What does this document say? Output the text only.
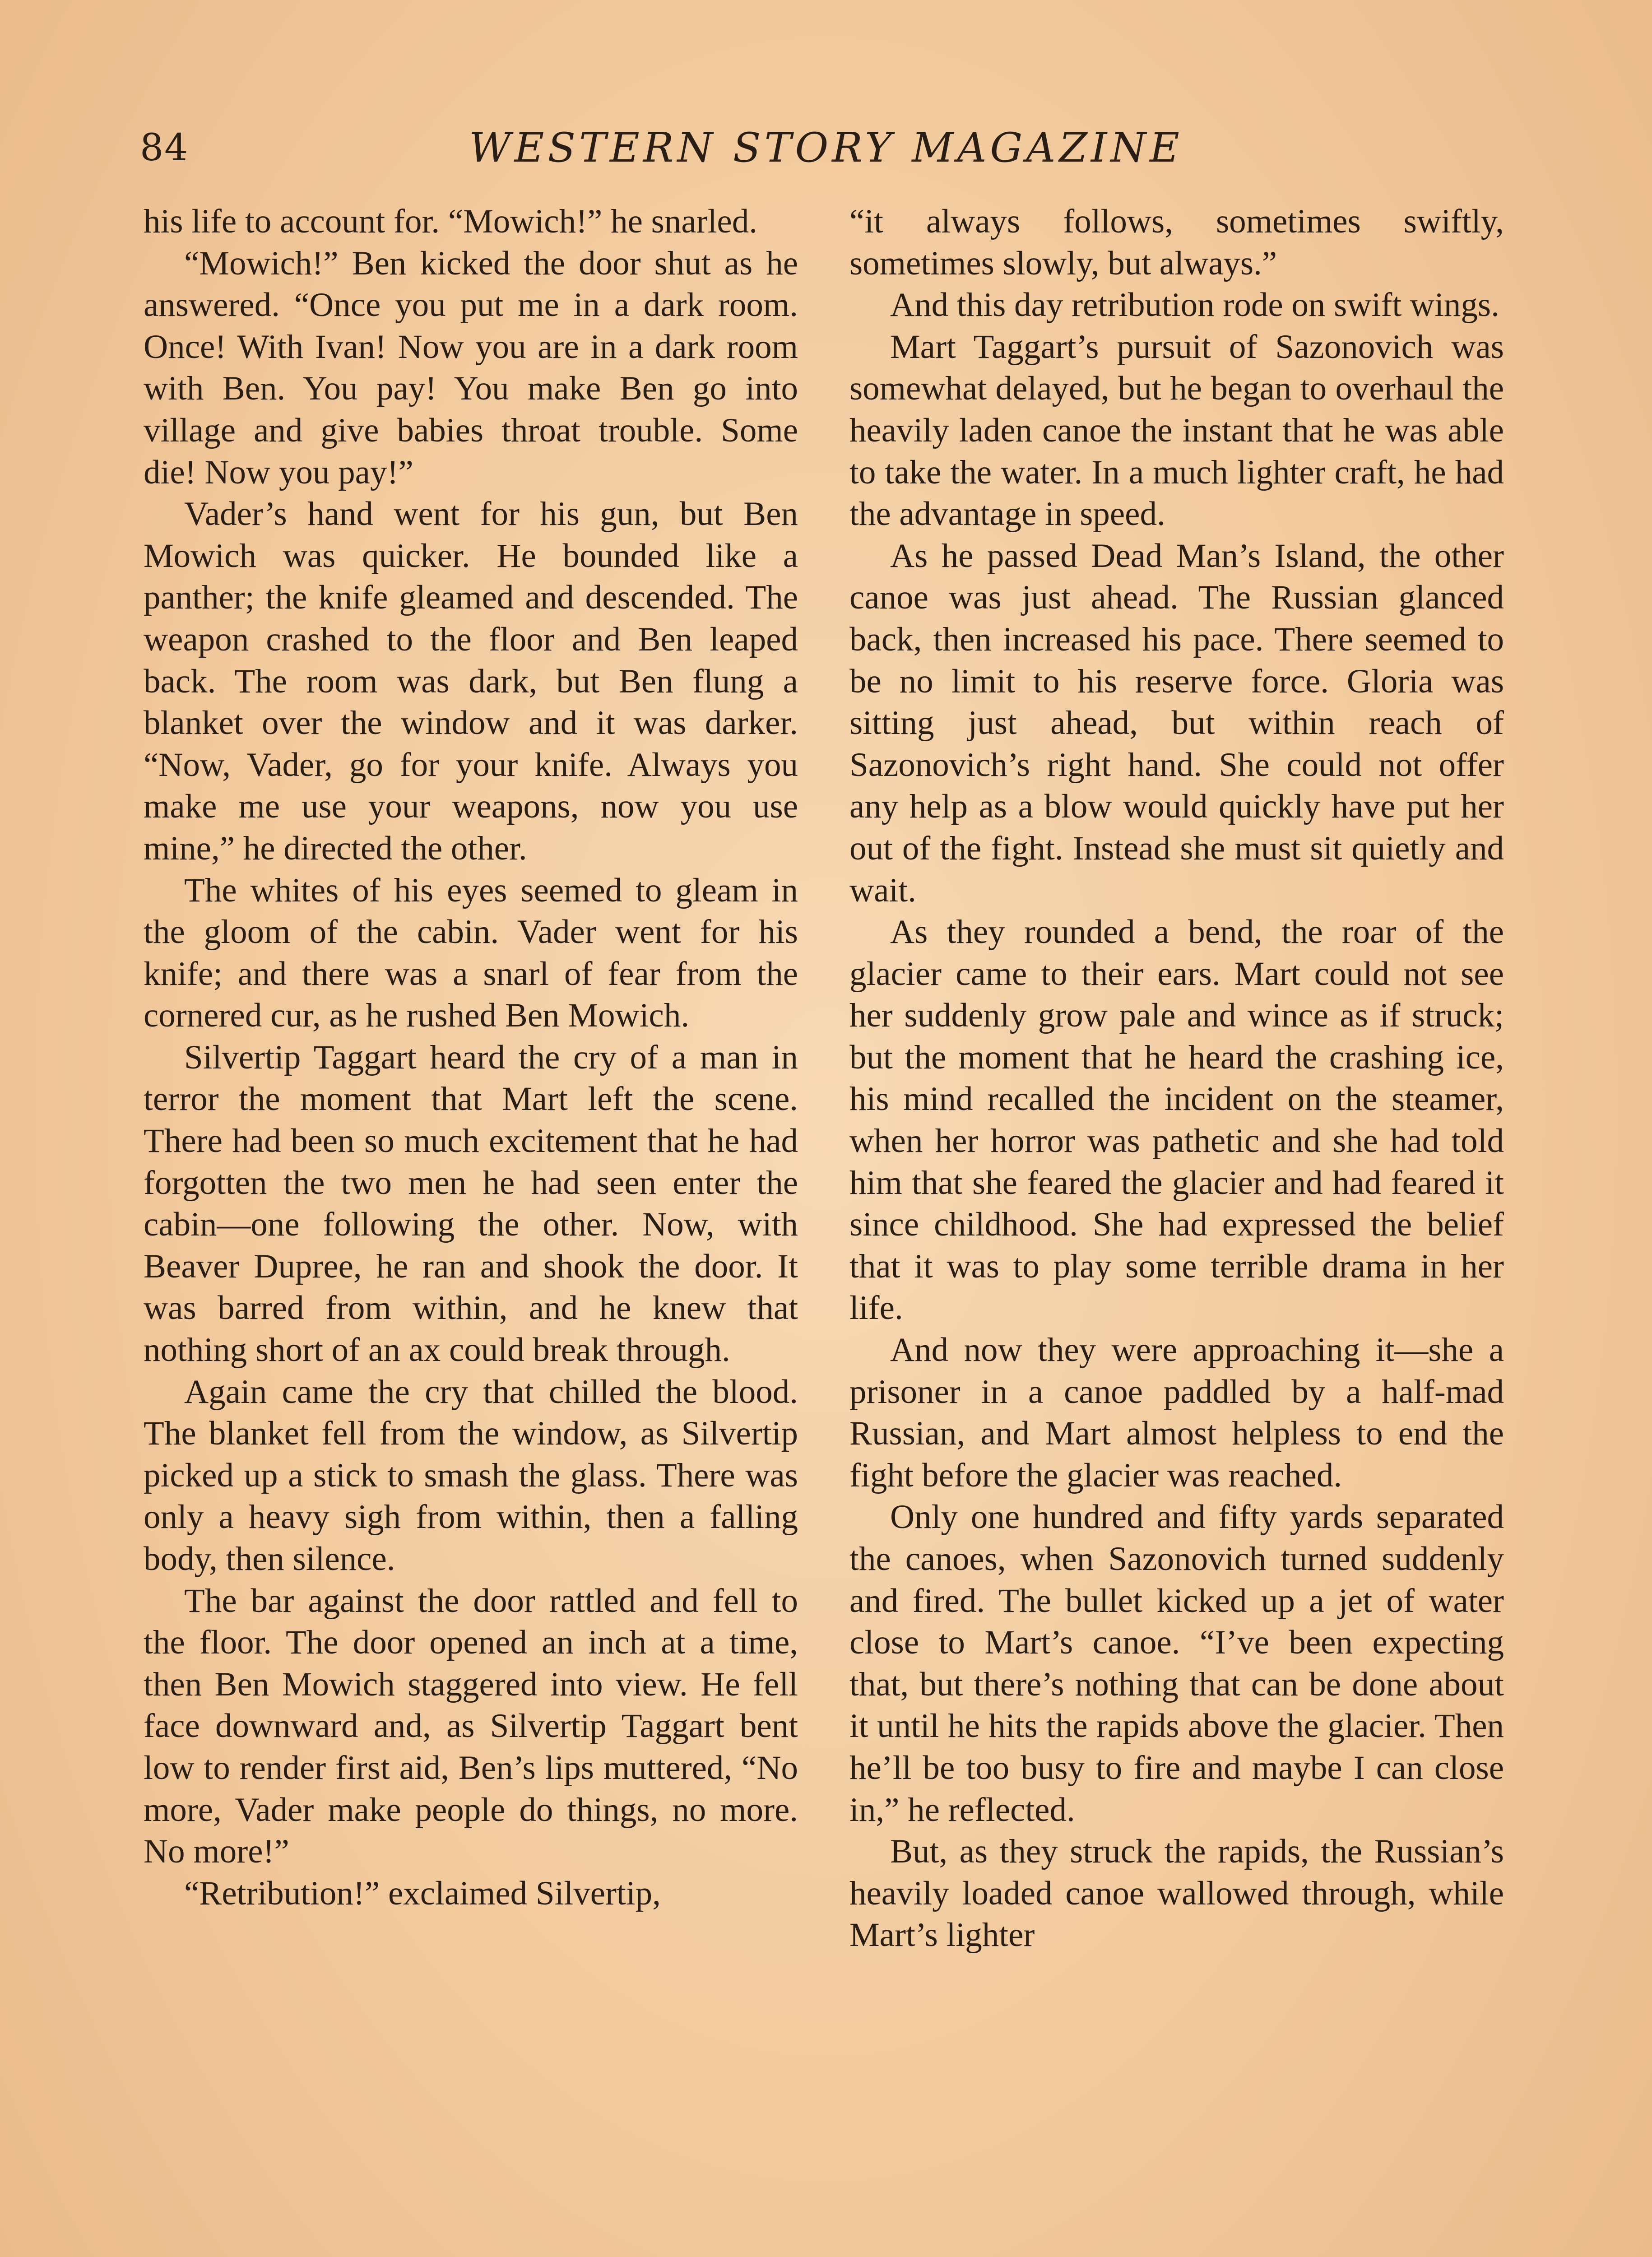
84	WESTERN STORY MAGAZINE

his life to account for. “Mowich!” he snarled.

“Mowich!” Ben kicked the door shut as he answered. “Once you put me in a dark room. Once! With Ivan! Now you are in a dark room with Ben. You pay! You make Ben go into village and give babies throat trouble. Some die! Now you pay!”

Vader’s hand went for his gun, but Ben Mowich was quicker. He bounded like a panther; the knife gleamed and descended. The weapon crashed to the floor and Ben leaped back. The room was dark, but Ben flung a blanket over the window and it was darker. “Now, Vader, go for your knife. Always you make me use your weapons, now you use mine,” he directed the other.

The whites of his eyes seemed to gleam in the gloom of the cabin. Vader went for his knife; and there was a snarl of fear from the cornered cur, as he rushed Ben Mowich.

Silvertip Taggart heard the cry of a man in terror the moment that Mart left the scene. There had been so much excitement that he had forgotten the two men he had seen enter the cabin—one following the other. Now, with Beaver Dupree, he ran and shook the door. It was barred from within, and he knew that nothing short of an ax could break through.

Again came the cry that chilled the blood. The blanket fell from the window, as Silvertip picked up a stick to smash the glass. There was only a heavy sigh from within, then a falling body, then silence.

The bar against the door rattled and fell to the floor. The door opened an inch at a time, then Ben Mowich staggered into view. He fell face downward and, as Silvertip Taggart bent low to render first aid, Ben’s lips muttered, “No more, Vader make people do things, no more. No more!”

“Retribution!” exclaimed Silvertip,

“it always follows, sometimes swiftly, sometimes slowly, but always.”

And this day retribution rode on swift wings.

Mart Taggart’s pursuit of Sazonovich was somewhat delayed, but he began to overhaul the heavily laden canoe the instant that he was able to take the water. In a much lighter craft, he had the advantage in speed.

As he passed Dead Man’s Island, the other canoe was just ahead. The Russian glanced back, then increased his pace. There seemed to be no limit to his reserve force. Gloria was sitting just ahead, but within reach of Sazonovich’s right hand. She could not offer any help as a blow would quickly have put her out of the fight. Instead she must sit quietly and wait.

As they rounded a bend, the roar of the glacier came to their ears. Mart could not see her suddenly grow pale and wince as if struck; but the moment that he heard the crashing ice, his mind recalled the incident on the steamer, when her horror was pathetic and she had told him that she feared the glacier and had feared it since childhood. She had expressed the belief that it was to play some terrible drama in her life.

And now they were approaching it—she a prisoner in a canoe paddled by a half-mad Russian, and Mart almost helpless to end the fight before the glacier was reached.

Only one hundred and fifty yards separated the canoes, when Sazonovich turned suddenly and fired. The bullet kicked up a jet of water close to Mart’s canoe. “I’ve been expecting that, but there’s nothing that can be done about it until he hits the rapids above the glacier. Then he’ll be too busy to fire and maybe I can close in,” he reflected.

But, as they struck the rapids, the Russian’s heavily loaded canoe wallowed through, while Mart’s lighter
